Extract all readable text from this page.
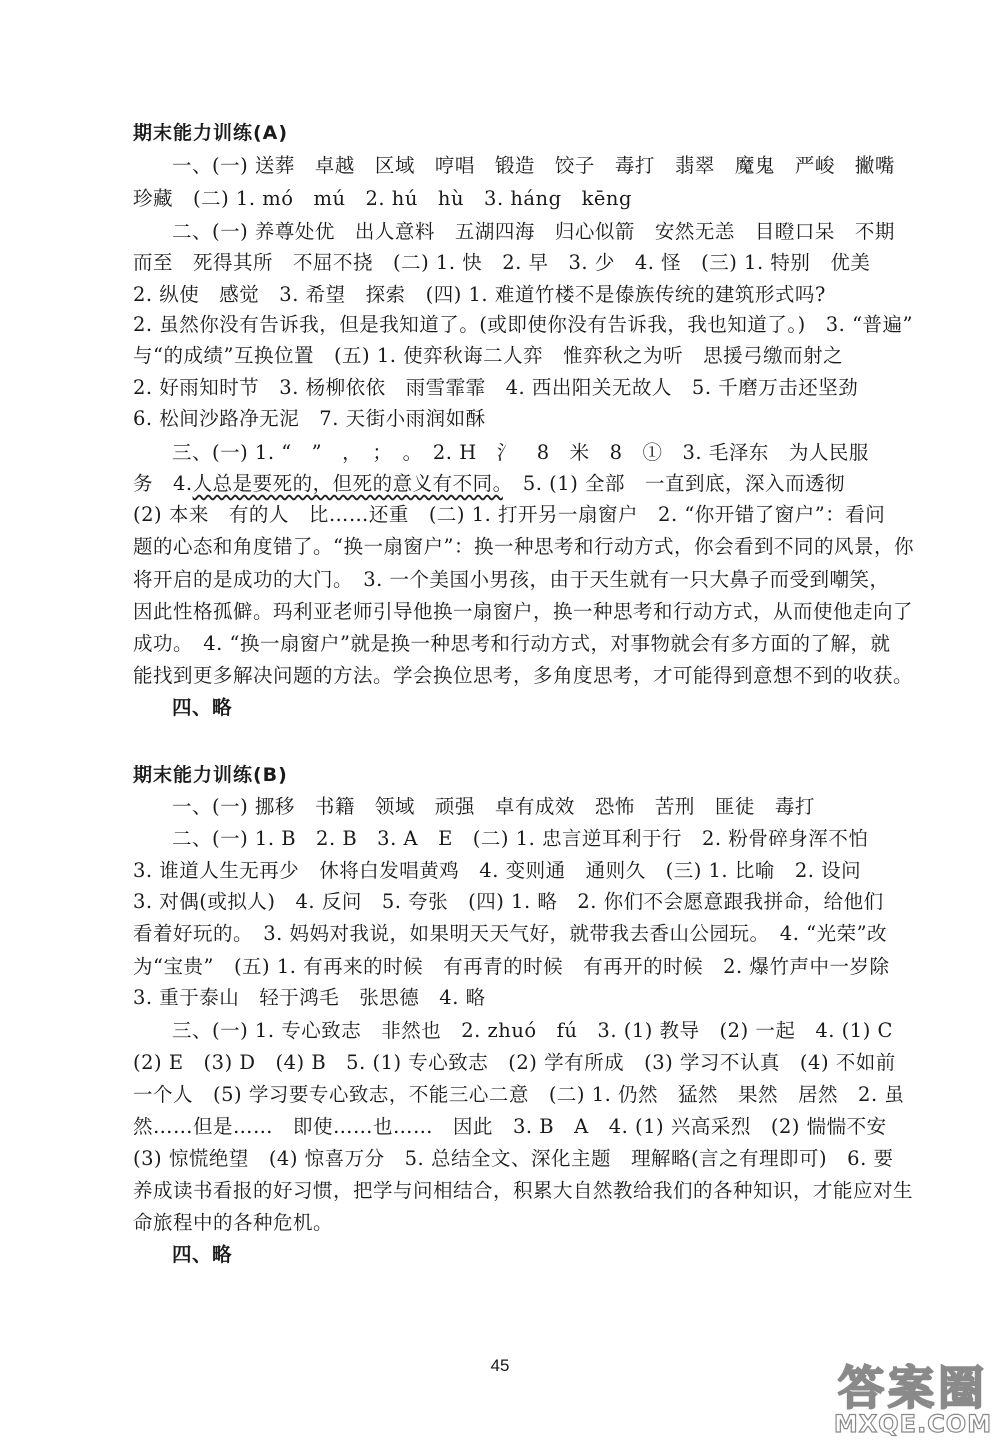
期末能力训练(A)
一、(一) 送葬　卓越　区域　哼唱　锻造　饺子　毒打　翡翠　魔鬼　严峻　撇嘴
珍藏　(二) 1. mó　mú　2. hú　hù　3. háng　kēng
二、(一) 养尊处优　出人意料　五湖四海　归心似箭　安然无恙　目瞪口呆　不期
而至　死得其所　不屈不挠　(二) 1. 快　2. 早　3. 少　4. 怪　(三) 1. 特别　优美
2. 纵使　感觉　3. 希望　探索　(四) 1. 难道竹楼不是傣族传统的建筑形式吗?
2. 虽然你没有告诉我，但是我知道了。(或即使你没有告诉我，我也知道了。)　3. “普遍”
与“的成绩”互换位置　(五) 1. 使弈秋诲二人弈　惟弈秋之为听　思援弓缴而射之
2. 好雨知时节　3. 杨柳依依　雨雪霏霏　4. 西出阳关无故人　5. 千磨万击还坚劲
6. 松间沙路净无泥　7. 天街小雨润如酥
三、(一) 1. “　”　，　；　。　2. H　氵　8　米　8　①　3. 毛泽东　为人民服
务　4.人总是要死的，但死的意义有不同。　5. (1) 全部　一直到底，深入而透彻
(2) 本来　有的人　比……还重　(二) 1. 打开另一扇窗户　2. “你开错了窗户”：看问
题的心态和角度错了。“换一扇窗户”：换一种思考和行动方式，你会看到不同的风景，你
将开启的是成功的大门。　3. 一个美国小男孩，由于天生就有一只大鼻子而受到嘲笑，
因此性格孤僻。玛利亚老师引导他换一扇窗户，换一种思考和行动方式，从而使他走向了
成功。　4. “换一扇窗户”就是换一种思考和行动方式，对事物就会有多方面的了解，就
能找到更多解决问题的方法。学会换位思考，多角度思考，才可能得到意想不到的收获。
四、略
期末能力训练(B)
一、(一) 挪移　书籍　领域　顽强　卓有成效　恐怖　苦刑　匪徒　毒打
二、(一) 1. B　2. B　3. A　E　(二) 1. 忠言逆耳利于行　2. 粉骨碎身浑不怕
3. 谁道人生无再少　休将白发唱黄鸡　4. 变则通　通则久　(三) 1. 比喻　2. 设问
3. 对偶(或拟人)　4. 反问　5. 夸张　(四) 1. 略　2. 你们不会愿意跟我拼命，给他们
看着好玩的。　3. 妈妈对我说，如果明天天气好，就带我去香山公园玩。　4. “光荣”改
为“宝贵”　(五) 1. 有再来的时候　有再青的时候　有再开的时候　2. 爆竹声中一岁除
3. 重于泰山　轻于鸿毛　张思德　4. 略
三、(一) 1. 专心致志　非然也　2. zhuó　fú　3. (1) 教导　(2) 一起　4. (1) C
(2) E　(3) D　(4) B　5. (1) 专心致志　(2) 学有所成　(3) 学习不认真　(4) 不如前
一个人　(5) 学习要专心致志，不能三心二意　(二) 1. 仍然　猛然　果然　居然　2. 虽
然……但是……　即使……也……　因此　3. B　A　4. (1) 兴高采烈　(2) 惴惴不安
(3) 惊慌绝望　(4) 惊喜万分　5. 总结全文、深化主题　理解略(言之有理即可)　6. 要
养成读书看报的好习惯，把学与问相结合，积累大自然教给我们的各种知识，才能应对生
命旅程中的各种危机。
四、略
45	答案圈
MXQE.COM
